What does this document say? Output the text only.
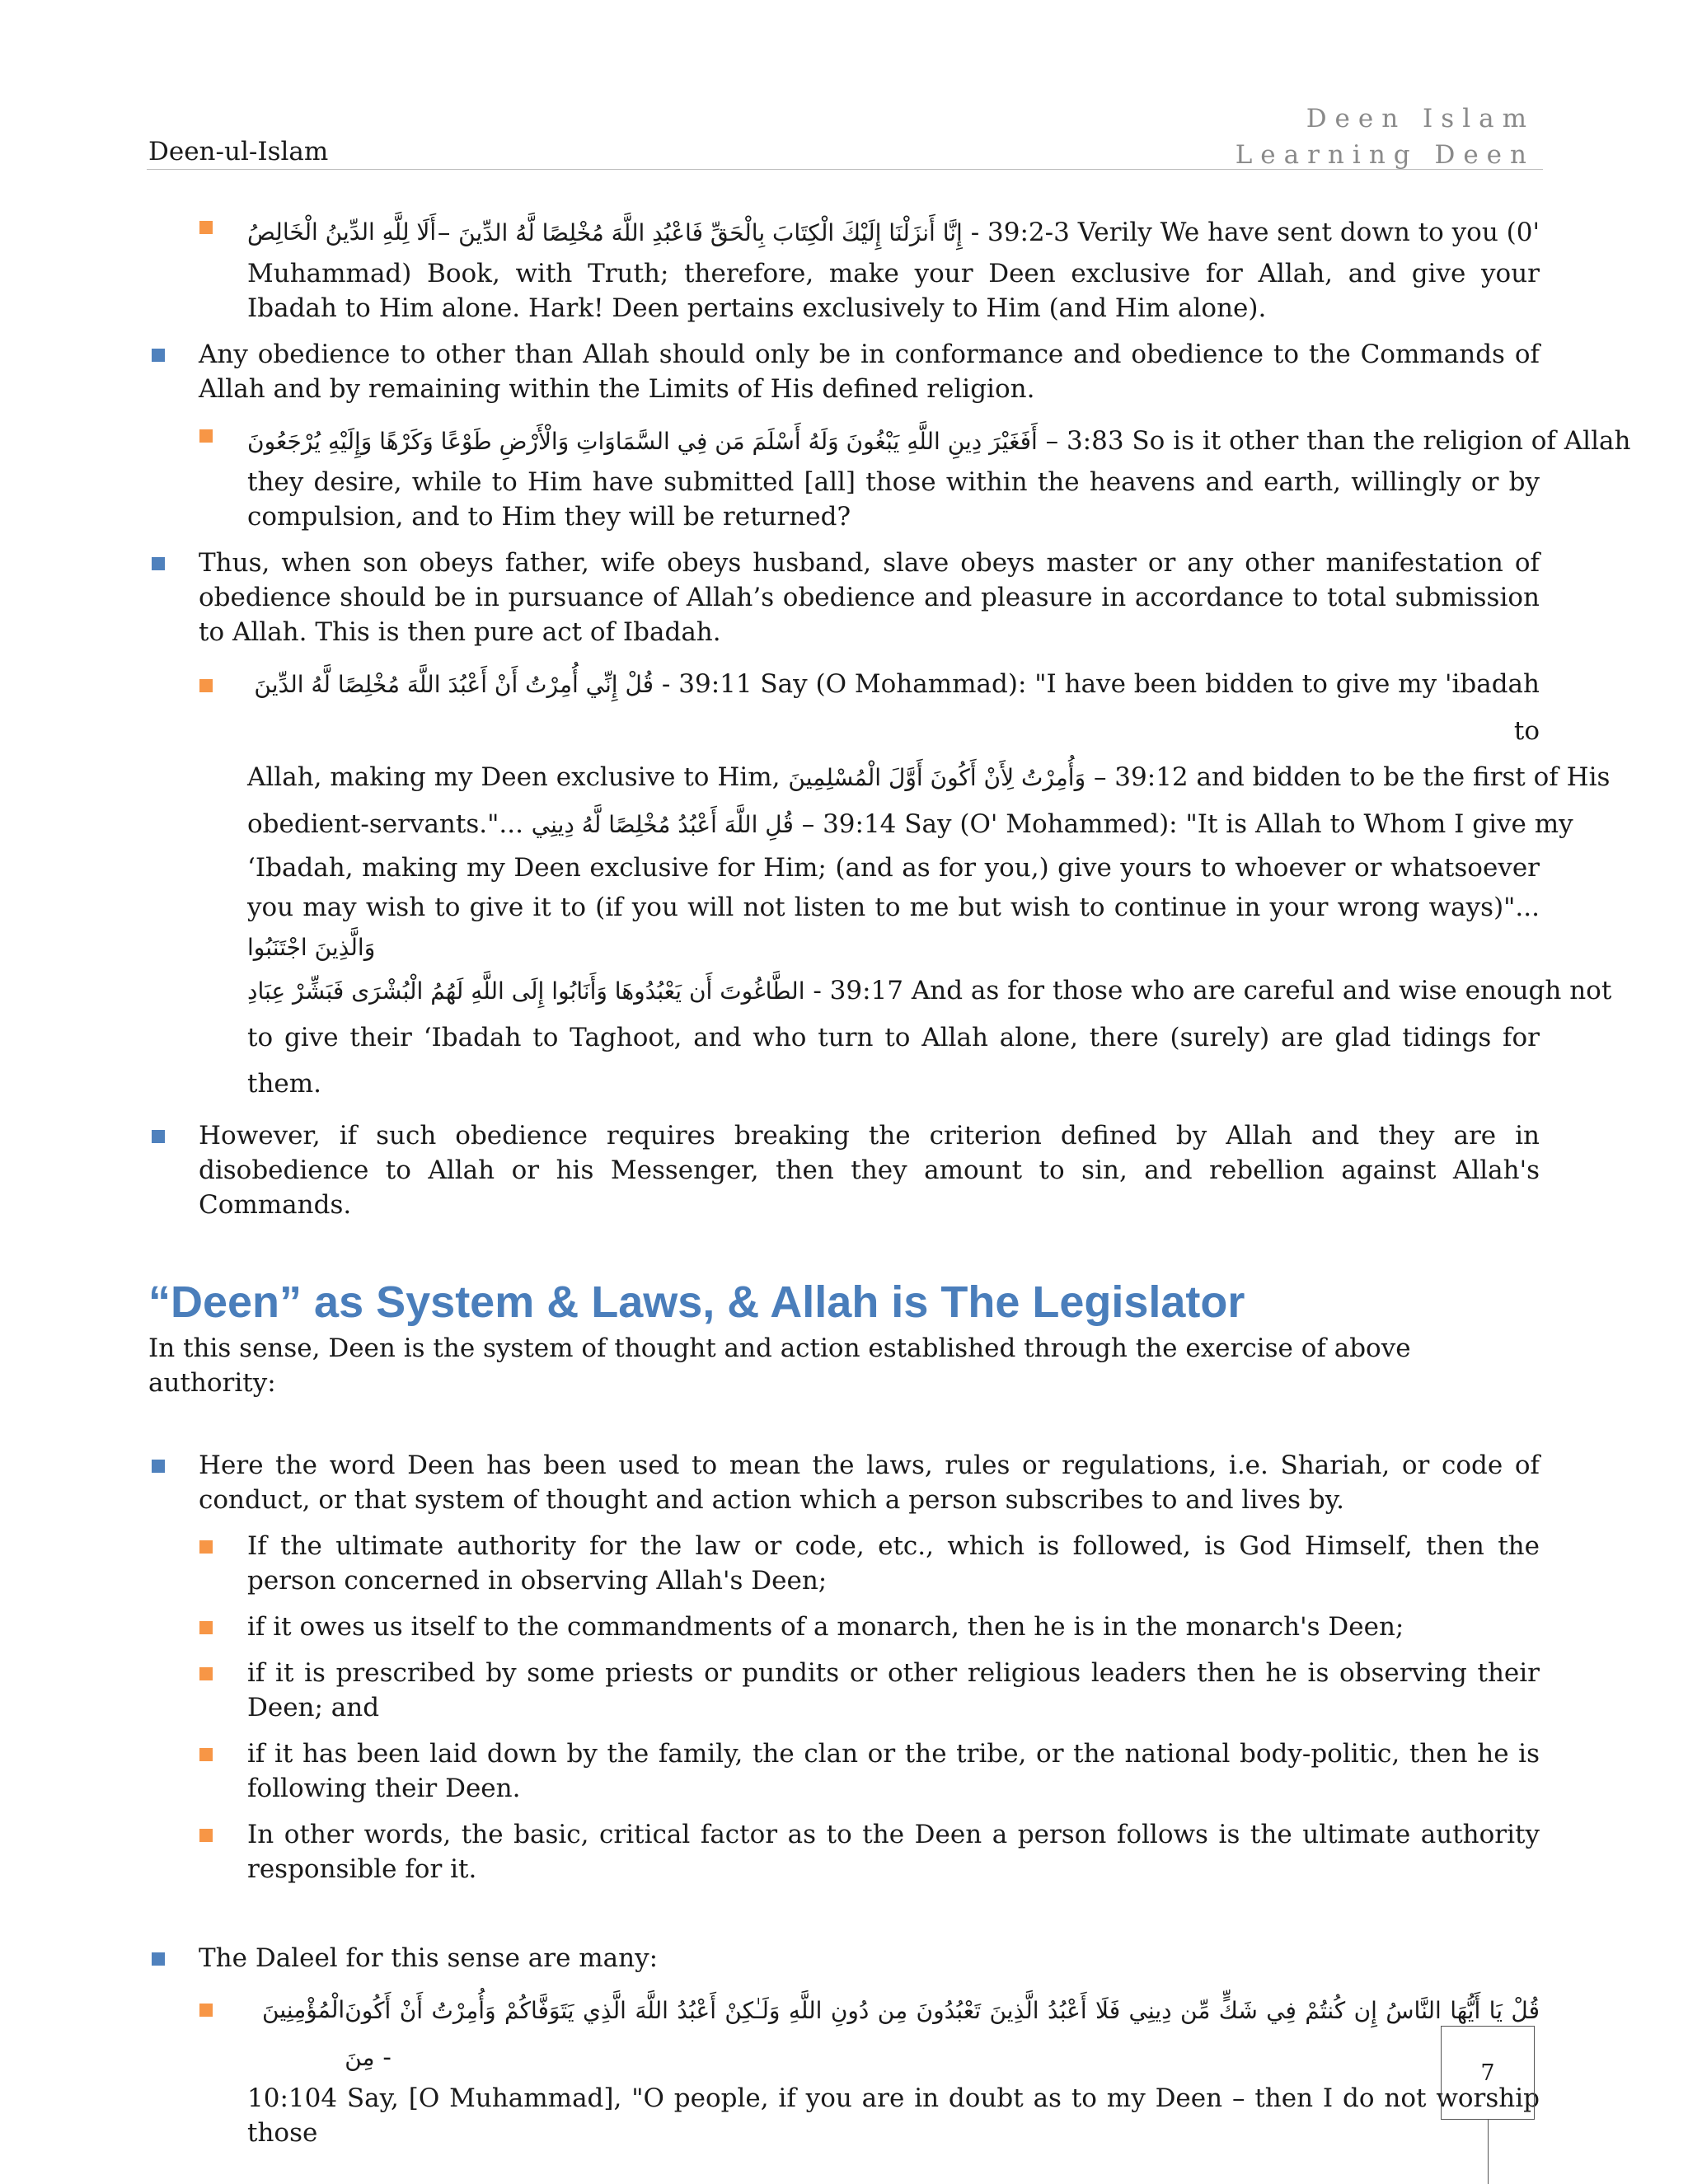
Deen-ul-Islam
Deen Islam
Learning Deen
أَلَا لِلَّهِ الدِّينُ الْخَالِصُ – إِنَّا أَنزَلْنَا إِلَيْكَ الْكِتَابَ بِالْحَقِّ فَاعْبُدِ اللَّهَ مُخْلِصًا لَّهُ الدِّينَ - 39:2-3 Verily We have sent down to you (0'
Muhammad) Book, with Truth; therefore, make your Deen exclusive for Allah, and give your Ibadah to Him alone. Hark! Deen pertains exclusively to Him (and Him alone).
Any obedience to other than Allah should only be in conformance and obedience to the Commands of Allah and by remaining within the Limits of His defined religion.
أَفَغَيْرَ دِينِ اللَّهِ يَبْغُونَ وَلَهُ أَسْلَمَ مَن فِي السَّمَاوَاتِ وَالْأَرْضِ طَوْعًا وَكَرْهًا وَإِلَيْهِ يُرْجَعُونَ – 3:83 So is it other than the religion of Allah
they desire, while to Him have submitted [all] those within the heavens and earth, willingly or by compulsion, and to Him they will be returned?
Thus, when son obeys father, wife obeys husband, slave obeys master or any other manifestation of obedience should be in pursuance of Allah’s obedience and pleasure in accordance to total submission to Allah. This is then pure act of Ibadah.
قُلْ إِنِّي أُمِرْتُ أَنْ أَعْبُدَ اللَّهَ مُخْلِصًا لَّهُ الدِّينَ - 39:11 Say (O Mohammad): "I have been bidden to give my 'ibadah to
Allah, making my Deen exclusive to Him, وَأُمِرْتُ لِأَنْ أَكُونَ أَوَّلَ الْمُسْلِمِينَ – 39:12 and bidden to be the first of His
obedient-servants."... قُلِ اللَّهَ أَعْبُدُ مُخْلِصًا لَّهُ دِينِي – 39:14 Say (O' Mohammed): "It is Allah to Whom I give my
‘Ibadah, making my Deen exclusive for Him; (and as for you,) give yours to whoever or whatsoever you may wish to give it to (if you will not listen to me but wish to continue in your wrong ways)"... وَالَّذِينَ اجْتَنَبُوا
الطَّاغُوتَ أَن يَعْبُدُوهَا وَأَنَابُوا إِلَى اللَّهِ لَهُمُ الْبُشْرَى فَبَشِّرْ عِبَادِ - 39:17 And as for those who are careful and wise enough not
to give their ‘Ibadah to Taghoot, and who turn to Allah alone, there (surely) are glad tidings for them.
However, if such obedience requires breaking the criterion defined by Allah and they are in disobedience to Allah or his Messenger, then they amount to sin, and rebellion against Allah's Commands.
“Deen” as System & Laws, & Allah is The Legislator
In this sense, Deen is the system of thought and action established through the exercise of above authority:
Here the word Deen has been used to mean the laws, rules or regulations, i.e. Shariah, or code of conduct, or that system of thought and action which a person subscribes to and lives by.
If the ultimate authority for the law or code, etc., which is followed, is God Himself, then the person concerned in observing Allah's Deen;
if it owes us itself to the commandments of a monarch, then he is in the monarch's Deen;
if it is prescribed by some priests or pundits or other religious leaders then he is observing their Deen; and
if it has been laid down by the family, the clan or the tribe, or the national body-politic, then he is following their Deen.
In other words, the basic, critical factor as to the Deen a person follows is the ultimate authority responsible for it.
The Daleel for this sense are many:
الْمُؤْمِنِينَ قُلْ يَا أَيُّهَا النَّاسُ إِن كُنتُمْ فِي شَكٍّ مِّن دِينِي فَلَا أَعْبُدُ الَّذِينَ تَعْبُدُونَ مِن دُونِ اللَّهِ وَلَـٰكِنْ أَعْبُدُ اللَّهَ الَّذِي يَتَوَفَّاكُمْ وَأُمِرْتُ أَنْ أَكُونَ مِنَ -
10:104 Say, [O Muhammad], "O people, if you are in doubt as to my Deen – then I do not worship those
7
